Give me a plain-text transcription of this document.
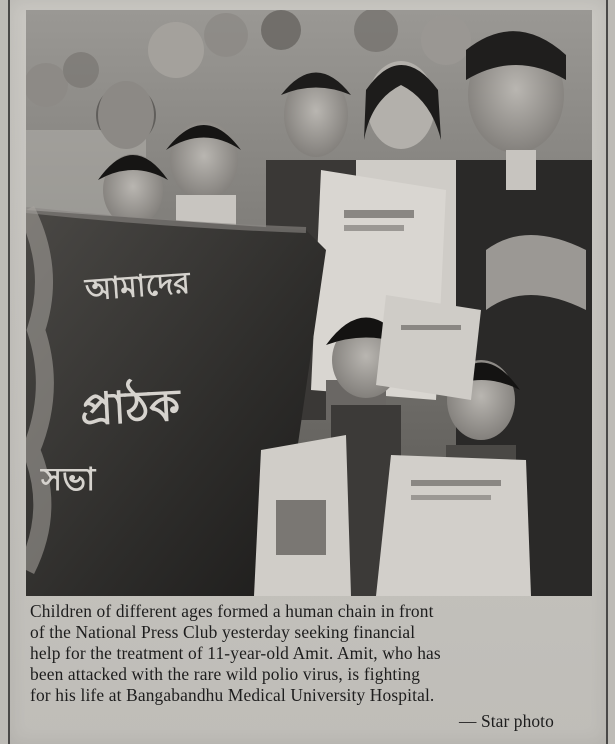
আমাদের
প্রাঠক
সভা

Children of different ages formed a human chain in front

of the National Press Club yesterday seeking financial

help for the treatment of 11-year-old Amit. Amit, who has

been attacked with the rare wild polio virus, is fighting

for his life at Bangabandhu Medical University Hospital.

— Star photo
